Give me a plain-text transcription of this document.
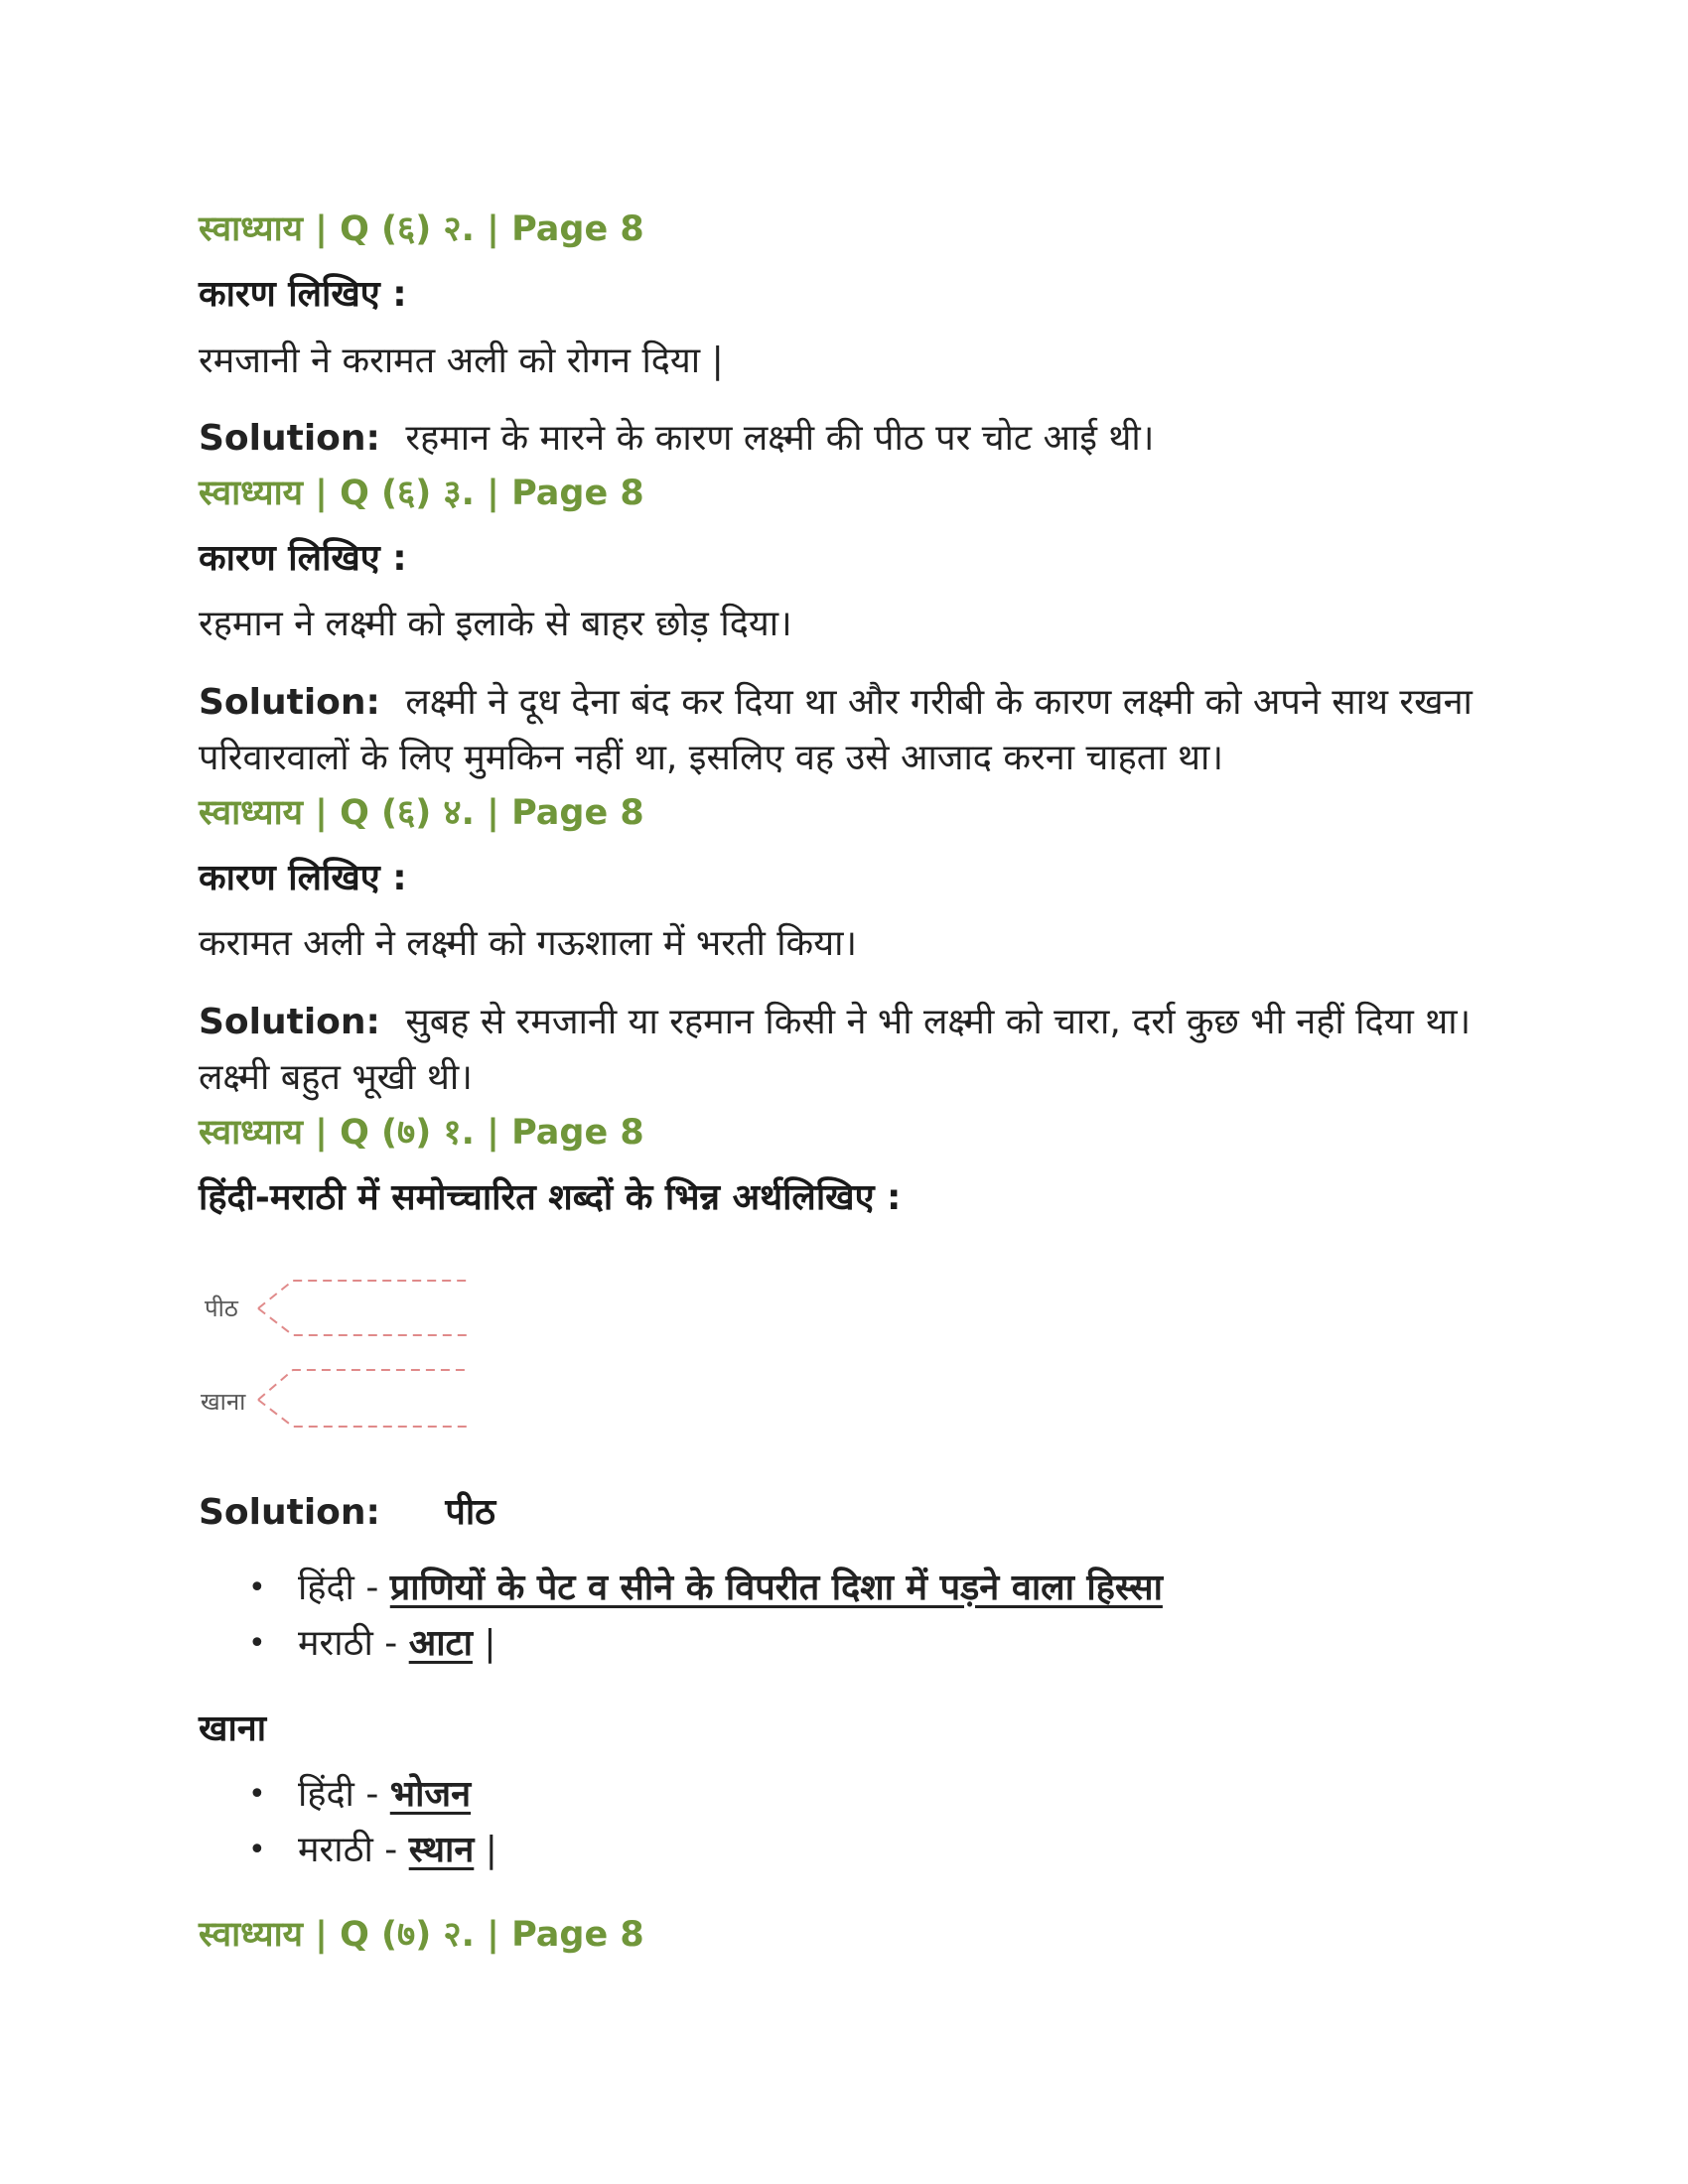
स्वाध्याय | Q (६) २. | Page 8
कारण लिखिए :
रमजानी ने करामत अली को रोगन दिया |
Solution: रहमान के मारने के कारण लक्ष्मी की पीठ पर चोट आई थी।
स्वाध्याय | Q (६) ३. | Page 8
कारण लिखिए :
रहमान ने लक्ष्मी को इलाके से बाहर छाेड़ दिया।
Solution: लक्ष्मी ने दूध देना बंद कर दिया था और गरीबी के कारण लक्ष्मी को अपने साथ रखना परिवारवालों के लिए मुमकिन नहीं था, इसलिए वह उसे आजाद करना चाहता था।
स्वाध्याय | Q (६) ४. | Page 8
कारण लिखिए :
करामत अली ने लक्ष्मी को गऊशाला में भरती किया।
Solution: सुबह से रमजानी या रहमान किसी ने भी लक्ष्मी को चारा, दर्रा कुछ भी नहीं दिया था। लक्ष्मी बहुत भूखी थी।
स्वाध्याय | Q (७) १. | Page 8
हिंदी-मराठी में समोच्चारित शब्दों के भिन्न अर्थलिखिए :
पीठ
खाना
Solution: पीठ
• हिंदी - प्राणियों के पेट व सीने के विपरीत दिशा में पड़ने वाला हिस्सा
• मराठी - आटा |
खाना
• हिंदी - भोजन
• मराठी - स्थान |
स्वाध्याय | Q (७) २. | Page 8
